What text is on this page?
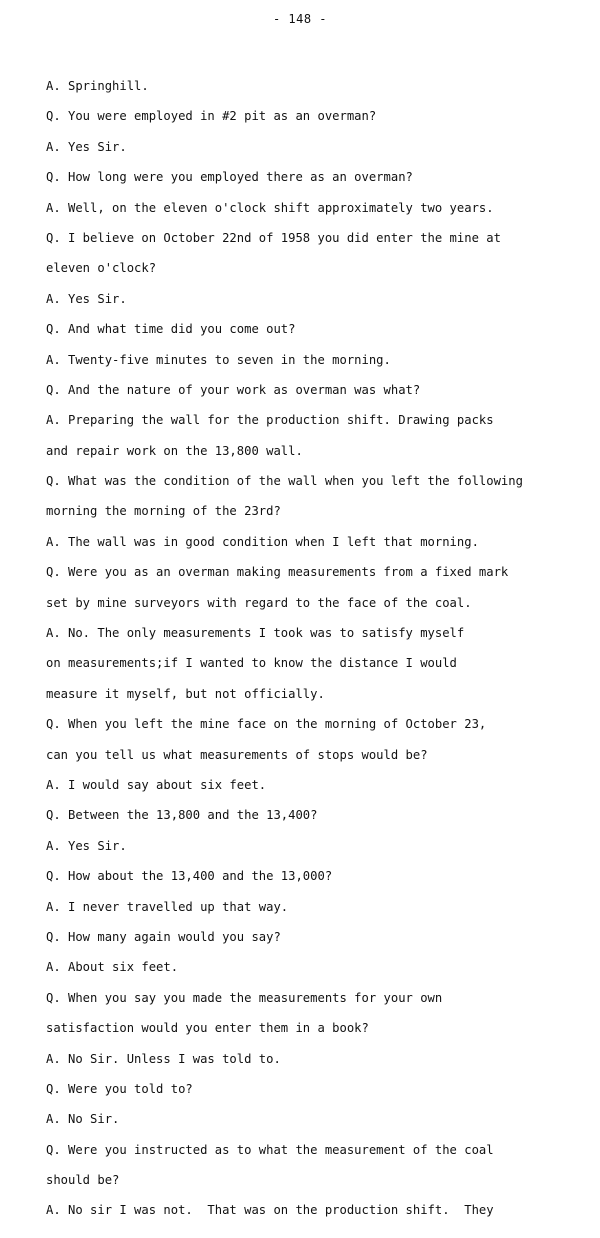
- 148 -
A. Springhill.
Q. You were employed in #2 pit as an overman?
A. Yes Sir.
Q. How long were you employed there as an overman?
A. Well, on the eleven o'clock shift approximately two years.
Q. I believe on October 22nd of 1958 you did enter the mine at
eleven o'clock?
A. Yes Sir.
Q. And what time did you come out?
A. Twenty-five minutes to seven in the morning.
Q. And the nature of your work as overman was what?
A. Preparing the wall for the production shift. Drawing packs
and repair work on the 13,800 wall.
Q. What was the condition of the wall when you left the following
morning the morning of the 23rd?
A. The wall was in good condition when I left that morning.
Q. Were you as an overman making measurements from a fixed mark
set by mine surveyors with regard to the face of the coal.
A. No. The only measurements I took was to satisfy myself
on measurements;if I wanted to know the distance I would
measure it myself, but not officially.
Q. When you left the mine face on the morning of October 23,
can you tell us what measurements of stops would be?
A. I would say about six feet.
Q. Between the 13,800 and the 13,400?
A. Yes Sir.
Q. How about the 13,400 and the 13,000?
A. I never travelled up that way.
Q. How many again would you say?
A. About six feet.
Q. When you say you made the measurements for your own
satisfaction would you enter them in a book?
A. No Sir. Unless I was told to.
Q. Were you told to?
A. No Sir.
Q. Were you instructed as to what the measurement of the coal
should be?
A. No sir I was not.  That was on the production shift.  They
